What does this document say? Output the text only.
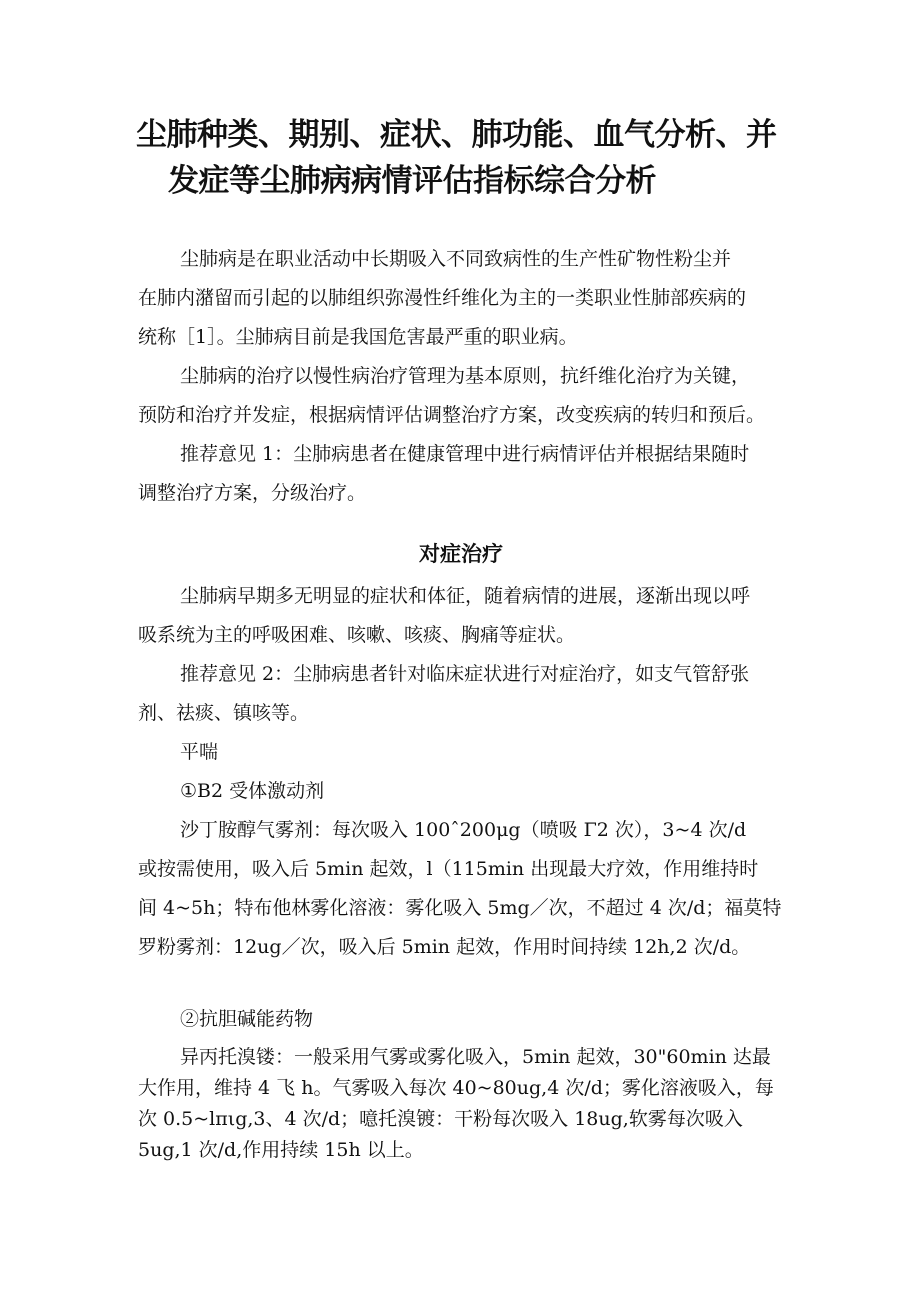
尘肺种类、期别、症状、肺功能、血气分析、并
发症等尘肺病病情评估指标综合分析

尘肺病是在职业活动中长期吸入不同致病性的生产性矿物性粉尘并
在肺内潴留而引起的以肺组织弥漫性纤维化为主的一类职业性肺部疾病的
统称［1］。尘肺病目前是我国危害最严重的职业病。

尘肺病的治疗以慢性病治疗管理为基本原则，抗纤维化治疗为关键，
预防和治疗并发症，根据病情评估调整治疗方案，改变疾病的转归和预后。

推荐意见 1：尘肺病患者在健康管理中进行病情评估并根据结果随时
调整治疗方案，分级治疗。

对症治疗

尘肺病早期多无明显的症状和体征，随着病情的进展，逐渐出现以呼
吸系统为主的呼吸困难、咳嗽、咳痰、胸痛等症状。

推荐意见 2：尘肺病患者针对临床症状进行对症治疗，如支气管舒张
剂、祛痰、镇咳等。

平喘

①B2 受体激动剂

沙丁胺醇气雾剂：每次吸入 100ˆ200μg（喷吸 Γ2 次），3~4 次/d
或按需使用，吸入后 5min 起效，l（115min 出现最大疗效，作用维持时
间 4~5h；特布他林雾化溶液：雾化吸入 5mg／次，不超过 4 次/d；福莫特
罗粉雾剂：12ug／次，吸入后 5min 起效，作用时间持续 12h,2 次/d。

②抗胆碱能药物

异丙托溴镂：一般采用气雾或雾化吸入，5min 起效，30"60min 达最
大作用，维持 4 飞 h。气雾吸入每次 40~80ug,4 次/d；雾化溶液吸入，每
次 0.5~lπιg,3、4 次/d；噫托溴镀：干粉每次吸入 18ug,软雾每次吸入
5ug,1 次/d,作用持续 15h 以上。
